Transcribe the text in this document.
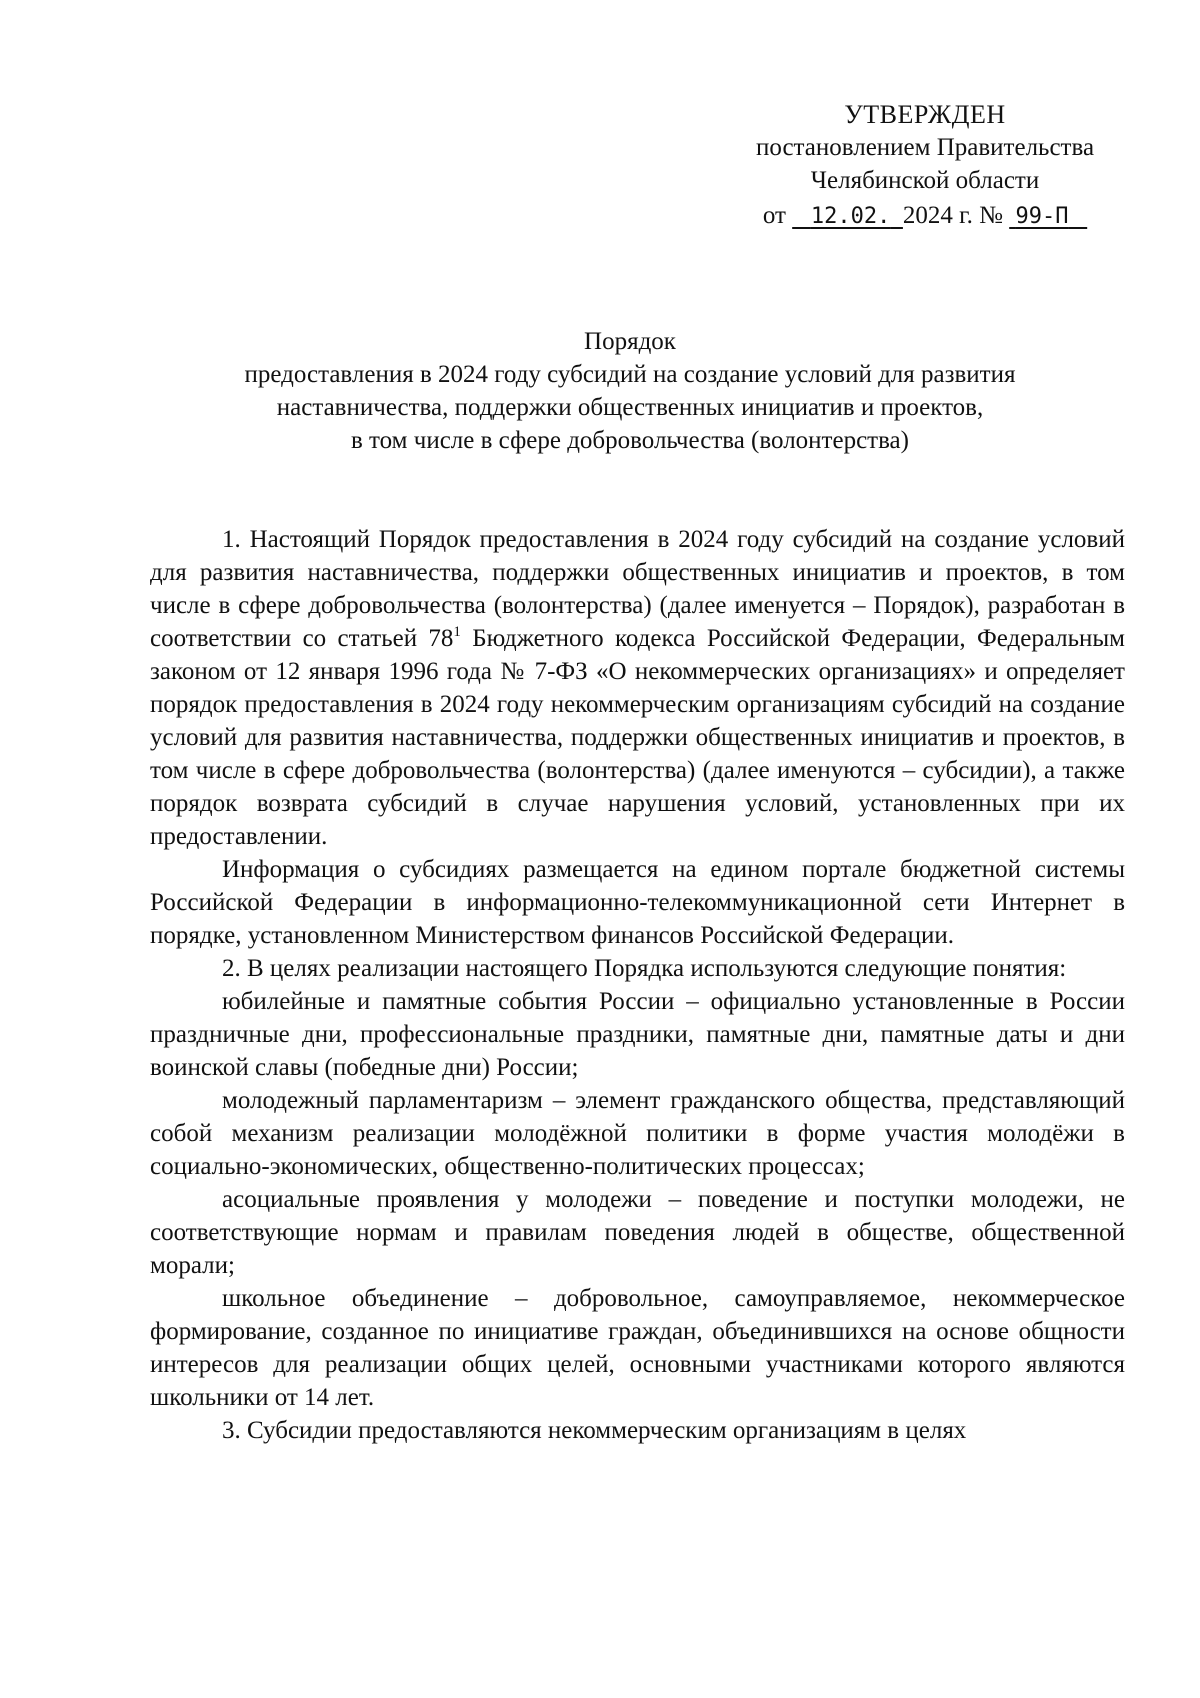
УТВЕРЖДЕН
постановлением Правительства
Челябинской области
от 12.02. 2024 г. № 99-П
Порядок
предоставления в 2024 году субсидий на создание условий для развития
наставничества, поддержки общественных инициатив и проектов,
в том числе в сфере добровольчества (волонтерства)

1. Настоящий Порядок предоставления в 2024 году субсидий на создание условий для развития наставничества, поддержки общественных инициатив и проектов, в том числе в сфере добровольчества (волонтерства) (далее именуется – Порядок), разработан в соответствии со статьей $78^1$ Бюджетного кодекса Российской Федерации, Федеральным законом от 12 января 1996 года № 7-ФЗ «О некоммерческих организациях» и определяет порядок предоставления в 2024 году некоммерческим организациям субсидий на создание условий для развития наставничества, поддержки общественных инициатив и проектов, в том числе в сфере добровольчества (волонтерства) (далее именуются – субсидии), а также порядок возврата субсидий в случае нарушения условий, установленных при их предоставлении.

Информация о субсидиях размещается на едином портале бюджетной системы Российской Федерации в информационно-телекоммуникационной сети Интернет в порядке, установленном Министерством финансов Российской Федерации.

2. В целях реализации настоящего Порядка используются следующие понятия:

юбилейные и памятные события России – официально установленные в России праздничные дни, профессиональные праздники, памятные дни, памятные даты и дни воинской славы (победные дни) России;

молодежный парламентаризм – элемент гражданского общества, представляющий собой механизм реализации молодёжной политики в форме участия молодёжи в социально-экономических, общественно-политических процессах;

асоциальные проявления у молодежи – поведение и поступки молодежи, не соответствующие нормам и правилам поведения людей в обществе, общественной морали;

школьное объединение – добровольное, самоуправляемое, некоммерческое формирование, созданное по инициативе граждан, объединившихся на основе общности интересов для реализации общих целей, основными участниками которого являются школьники от 14 лет.

3. Субсидии предоставляются некоммерческим организациям в целях
